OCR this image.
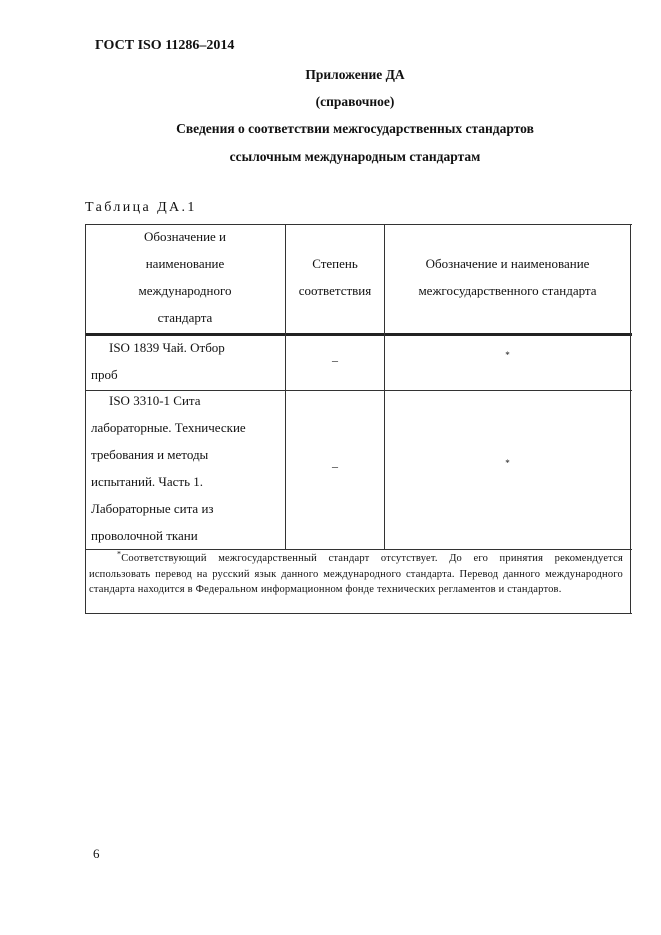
ГОСТ ISO 11286–2014
Приложение ДА
(справочное)
Сведения о соответствии межгосударственных стандартов
ссылочным международным стандартам
Таблица ДА.1
Обозначение и
наименование
международного
стандарта
Степень
соответствия
Обозначение и наименование
межгосударственного стандарта
ISO 1839 Чай. Отбор
проб
–	*
ISO 3310-1 Сита
лабораторные. Технические
требования и методы
испытаний. Часть 1.
Лабораторные сита из
проволочной ткани
–	*
*Соответствующий межгосударственный стандарт отсутствует. До его принятия рекомендуется использовать перевод на русский язык данного международного стандарта. Перевод данного международного стандарта находится в Федеральном информационном фонде технических регламентов и стандартов.
6
